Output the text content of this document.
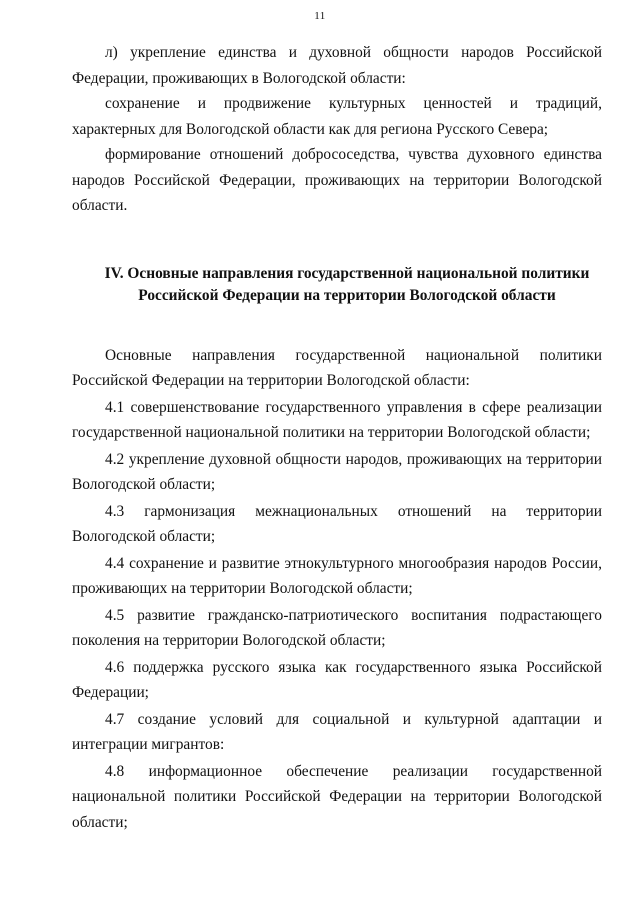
11

л) укрепление единства и духовной общности народов Российской Федерации, проживающих в Вологодской области:

сохранение и продвижение культурных ценностей и традиций, характерных для Вологодской области как для региона Русского Севера;

формирование отношений добрососедства, чувства духовного единства народов Российской Федерации, проживающих на территории Вологодской области.

IV. Основные направления государственной национальной политики
Российской Федерации на территории Вологодской области

Основные направления государственной национальной политики Российской Федерации на территории Вологодской области:

4.1 совершенствование государственного управления в сфере реализации государственной национальной политики на территории Вологодской области;

4.2 укрепление духовной общности народов, проживающих на территории Вологодской области;

4.3 гармонизация межнациональных отношений на территории Вологодской области;

4.4 сохранение и развитие этнокультурного многообразия народов России, проживающих на территории Вологодской области;

4.5 развитие гражданско-патриотического воспитания подрастающего поколения на территории Вологодской области;

4.6 поддержка русского языка как государственного языка Российской Федерации;

4.7 создание условий для социальной и культурной адаптации и интеграции мигрантов:

4.8 информационное обеспечение реализации государственной национальной политики Российской Федерации на территории Вологодской области;
